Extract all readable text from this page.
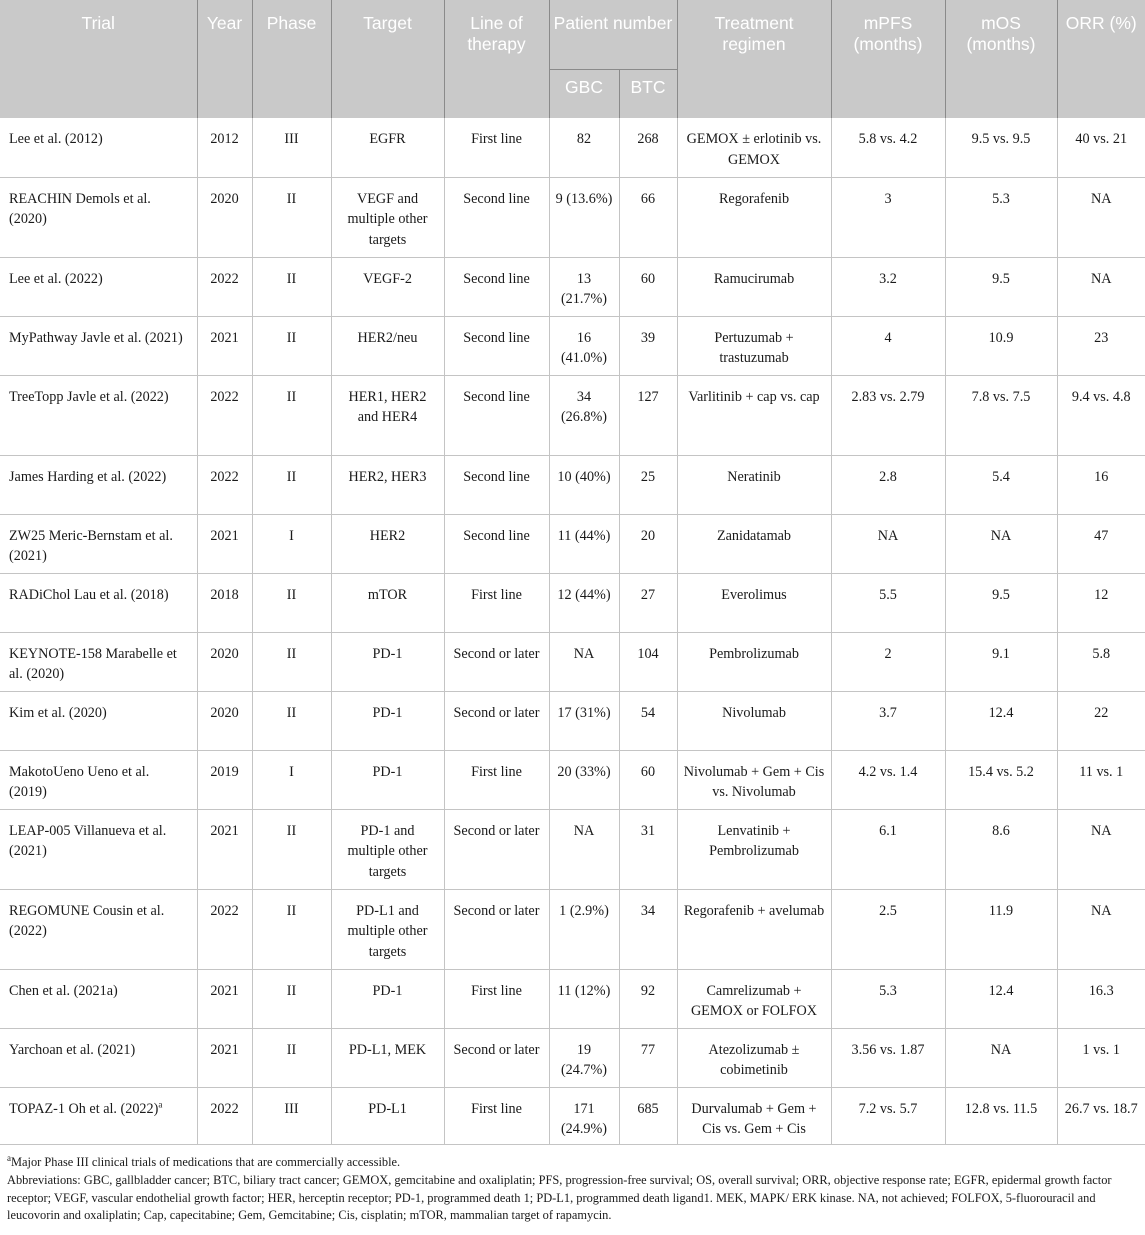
Trial	Year	Phase	Target	Line of therapy	Patient number		Treatment regimen	mPFS (months)	mOS (months)	ORR (%)
					GBC	BTC				
Lee et al. (2012)	2012	III	EGFR	First line	82	268	GEMOX ± erlotinib vs. GEMOX	5.8 vs. 4.2	9.5 vs. 9.5	40 vs. 21
REACHIN Demols et al. (2020)	2020	II	VEGF and multiple other targets	Second line	9 (13.6%)	66	Regorafenib	3	5.3	NA
Lee et al. (2022)	2022	II	VEGF-2	Second line	13 (21.7%)	60	Ramucirumab	3.2	9.5	NA
MyPathway Javle et al. (2021)	2021	II	HER2/neu	Second line	16 (41.0%)	39	Pertuzumab + trastuzumab	4	10.9	23
TreeTopp Javle et al. (2022)	2022	II	HER1, HER2 and HER4	Second line	34 (26.8%)	127	Varlitinib + cap vs. cap	2.83 vs. 2.79	7.8 vs. 7.5	9.4 vs. 4.8
James Harding et al. (2022)	2022	II	HER2, HER3	Second line	10 (40%)	25	Neratinib	2.8	5.4	16
ZW25 Meric-Bernstam et al. (2021)	2021	I	HER2	Second line	11 (44%)	20	Zanidatamab	NA	NA	47
RADiChol Lau et al. (2018)	2018	II	mTOR	First line	12 (44%)	27	Everolimus	5.5	9.5	12
KEYNOTE-158 Marabelle et al. (2020)	2020	II	PD-1	Second or later	NA	104	Pembrolizumab	2	9.1	5.8
Kim et al. (2020)	2020	II	PD-1	Second or later	17 (31%)	54	Nivolumab	3.7	12.4	22
MakotoUeno Ueno et al. (2019)	2019	I	PD-1	First line	20 (33%)	60	Nivolumab + Gem + Cis vs. Nivolumab	4.2 vs. 1.4	15.4 vs. 5.2	11 vs. 1
LEAP-005 Villanueva et al. (2021)	2021	II	PD-1 and multiple other targets	Second or later	NA	31	Lenvatinib + Pembrolizumab	6.1	8.6	NA
REGOMUNE Cousin et al. (2022)	2022	II	PD-L1 and multiple other targets	Second or later	1 (2.9%)	34	Regorafenib + avelumab	2.5	11.9	NA
Chen et al. (2021a)	2021	II	PD-1	First line	11 (12%)	92	Camrelizumab + GEMOX or FOLFOX	5.3	12.4	16.3
Yarchoan et al. (2021)	2021	II	PD-L1, MEK	Second or later	19 (24.7%)	77	Atezolizumab ± cobimetinib	3.56 vs. 1.87	NA	1 vs. 1
TOPAZ-1 Oh et al. $(2022)^a$	2022	III	PD-L1	First line	171 (24.9%)	685	Durvalumab + Gem + Cis vs. Gem + Cis	7.2 vs. 5.7	12.8 vs. 11.5	26.7 vs. 18.7
$^a$Major Phase III clinical trials of medications that are commercially accessible.
Abbreviations: GBC, gallbladder cancer; BTC, biliary tract cancer; GEMOX, gemcitabine and oxaliplatin; PFS, progression-free survival; OS, overall survival; ORR, objective response rate; EGFR, epidermal growth factor receptor; VEGF, vascular endothelial growth factor; HER, herceptin receptor; PD-1, programmed death 1; PD-L1, programmed death ligand1. MEK, MAPK/ ERK kinase. NA, not achieved; FOLFOX, 5-fluorouracil and leucovorin and oxaliplatin; Cap, capecitabine; Gem, Gemcitabine; Cis, cisplatin; mTOR, mammalian target of rapamycin.
